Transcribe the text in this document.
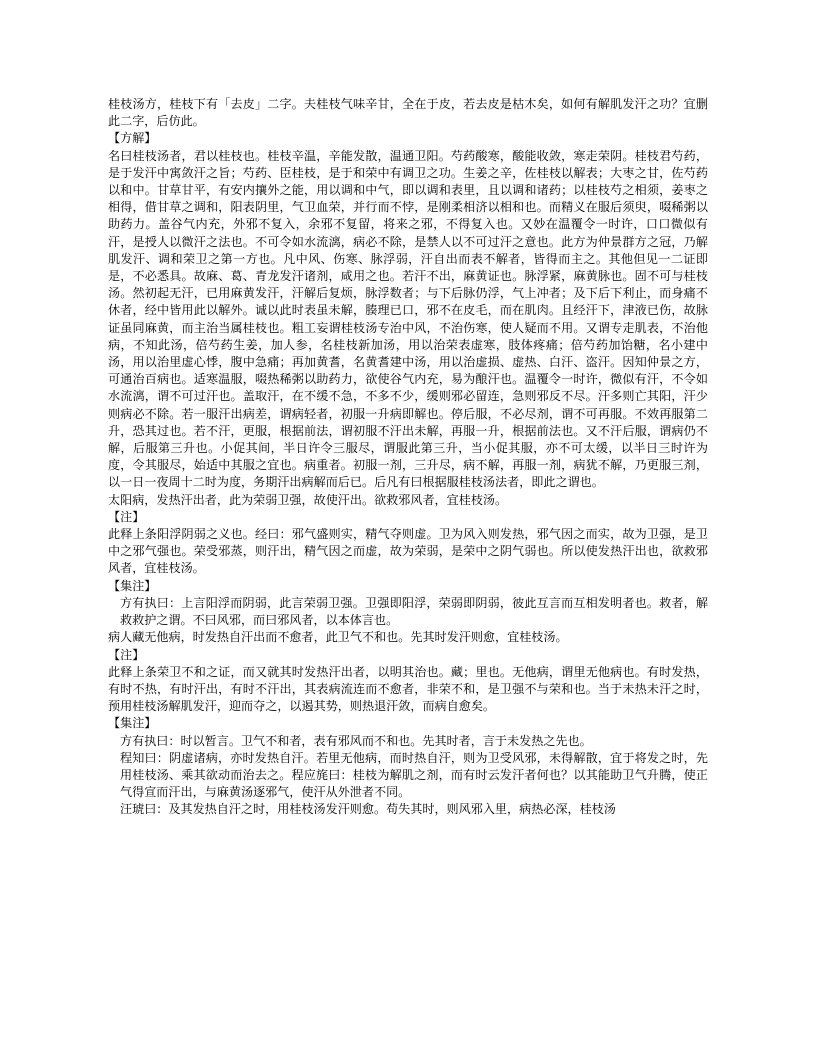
桂枝汤方，桂枝下有「去皮」二字。夫桂枝气味辛甘，全在于皮，若去皮是枯木矣，如何有解肌发汗之功？宜删此二字，后仿此。

【方解】

名曰桂枝汤者，君以桂枝也。桂枝辛温，辛能发散，温通卫阳。芍药酸寒，酸能收敛，寒走荣阴。桂枝君芍药，是于发汗中寓敛汗之旨；芍药、臣桂枝，是于和荣中有调卫之功。生姜之辛，佐桂枝以解表；大枣之甘，佐芍药以和中。甘草甘平，有安内攘外之能，用以调和中气，即以调和表里，且以调和诸药；以桂枝芍之相须，姜枣之相得，借甘草之调和，阳表阴里，气卫血荣，并行而不悖，是刚柔相济以相和也。而精义在服后须臾，啜稀粥以助药力。盖谷气内充，外邪不复入，余邪不复留，将来之邪，不得复入也。又妙在温覆令一时许，口口微似有汗，是授人以微汗之法也。不可令如水流漓，病必不除，是禁人以不可过汗之意也。此方为仲景群方之冠，乃解肌发汗、调和荣卫之第一方也。凡中风、伤寒、脉浮弱，汗自出而表不解者，皆得而主之。其他但见一二证即是，不必悉具。故麻、葛、青龙发汗诸剂，咸用之也。若汗不出，麻黄证也。脉浮紧，麻黄脉也。固不可与桂枝汤。然初起无汗，已用麻黄发汗，汗解后复烦，脉浮数者；与下后脉仍浮，气上冲者；及下后下利止，而身痛不休者，经中皆用此以解外。诚以此时表虽未解，腠理已口，邪不在皮毛，而在肌肉。且经汗下，津液已伤，故脉证虽同麻黄，而主治当属桂枝也。粗工妄谓桂枝汤专治中风，不治伤寒，使人疑而不用。又谓专走肌表，不治他病，不知此汤，倍芍药生姜，加人参，名桂枝新加汤，用以治荣表虚寒，肢体疼痛；倍芍药加饴糖，名小建中汤，用以治里虚心悸，腹中急痛；再加黄耆，名黄耆建中汤，用以治虚损、虚热、白汗、盗汗。因知仲景之方，可通治百病也。适寒温服，啜热稀粥以助药力，欲使谷气内充，易为酿汗也。温覆令一时许，微似有汗，不令如水流漓，谓不可过汗也。盖取汗，在不缓不急，不多不少，缓则邪必留连，急则邪反不尽。汗多则亡其阳，汗少则病必不除。若一服汗出病差，谓病轻者，初服一升病即解也。停后服，不必尽剂，谓不可再服。不效再服第二升，恐其过也。若不汗，更服，根据前法，谓初服不汗出未解，再服一升，根据前法也。又不汗后服，谓病仍不解，后服第三升也。小促其间，半日许令三服尽，谓服此第三升，当小促其服，亦不可太缓，以半日三时许为度，令其服尽，始适中其服之宜也。病重者。初服一剂，三升尽，病不解，再服一剂，病犹不解，乃更服三剂，以一日一夜周十二时为度，务期汗出病解而后已。后凡有曰根据服桂枝汤法者，即此之谓也。

太阳病，发热汗出者，此为荣弱卫强，故使汗出。欲救邪风者，宜桂枝汤。

【注】

此释上条阳浮阴弱之义也。经曰：邪气盛则实，精气夺则虚。卫为风入则发热，邪气因之而实，故为卫强，是卫中之邪气强也。荣受邪蒸，则汗出，精气因之而虚，故为荣弱，是荣中之阴气弱也。所以使发热汗出也，欲救邪风者，宜桂枝汤。

【集注】

方有执曰：上言阳浮而阴弱，此言荣弱卫强。卫强即阳浮，荣弱即阴弱，彼此互言而互相发明者也。救者，解救救护之谓。不曰风邪，而曰邪风者，以本体言也。

病人藏无他病，时发热自汗出而不愈者，此卫气不和也。先其时发汗则愈，宜桂枝汤。

【注】

此释上条荣卫不和之证，而又就其时发热汗出者，以明其治也。藏；里也。无他病，谓里无他病也。有时发热，有时不热，有时汗出，有时不汗出，其表病流连而不愈者，非荣不和，是卫强不与荣和也。当于未热未汗之时，预用桂枝汤解肌发汗，迎而夺之，以遏其势，则热退汗敛，而病自愈矣。

【集注】

方有执曰：时以暂言。卫气不和者，表有邪风而不和也。先其时者，言于未发热之先也。

程知曰：阴虚诸病，亦时发热自汗。若里无他病，而时热自汗，则为卫受风邪，未得解散，宜于将发之时，先用桂枝汤、乘其欲动而治去之。程应旄曰：桂枝为解肌之剂，而有时云发汗者何也？以其能助卫气升腾，使正气得宣而汗出，与麻黄汤逐邪气，使汗从外泄者不同。

汪琥曰：及其发热自汗之时，用桂枝汤发汗则愈。苟失其时，则风邪入里，病热必深，桂枝汤
